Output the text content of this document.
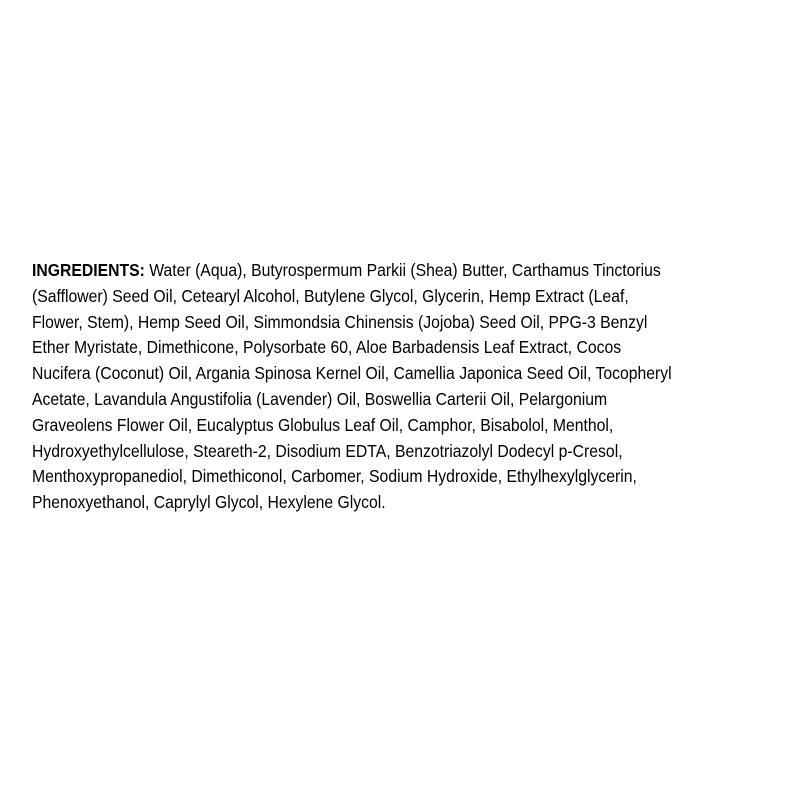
INGREDIENTS: Water (Aqua), Butyrospermum Parkii (Shea) Butter, Carthamus Tinctorius
(Safflower) Seed Oil, Cetearyl Alcohol, Butylene Glycol, Glycerin, Hemp Extract (Leaf,
Flower, Stem), Hemp Seed Oil, Simmondsia Chinensis (Jojoba) Seed Oil, PPG-3 Benzyl
Ether Myristate, Dimethicone, Polysorbate 60, Aloe Barbadensis Leaf Extract, Cocos
Nucifera (Coconut) Oil, Argania Spinosa Kernel Oil, Camellia Japonica Seed Oil, Tocopheryl
Acetate, Lavandula Angustifolia (Lavender) Oil, Boswellia Carterii Oil, Pelargonium
Graveolens Flower Oil, Eucalyptus Globulus Leaf Oil, Camphor, Bisabolol, Menthol,
Hydroxyethylcellulose, Steareth-2, Disodium EDTA, Benzotriazolyl Dodecyl p-Cresol,
Menthoxypropanediol, Dimethiconol, Carbomer, Sodium Hydroxide, Ethylhexylglycerin,
Phenoxyethanol, Caprylyl Glycol, Hexylene Glycol.
